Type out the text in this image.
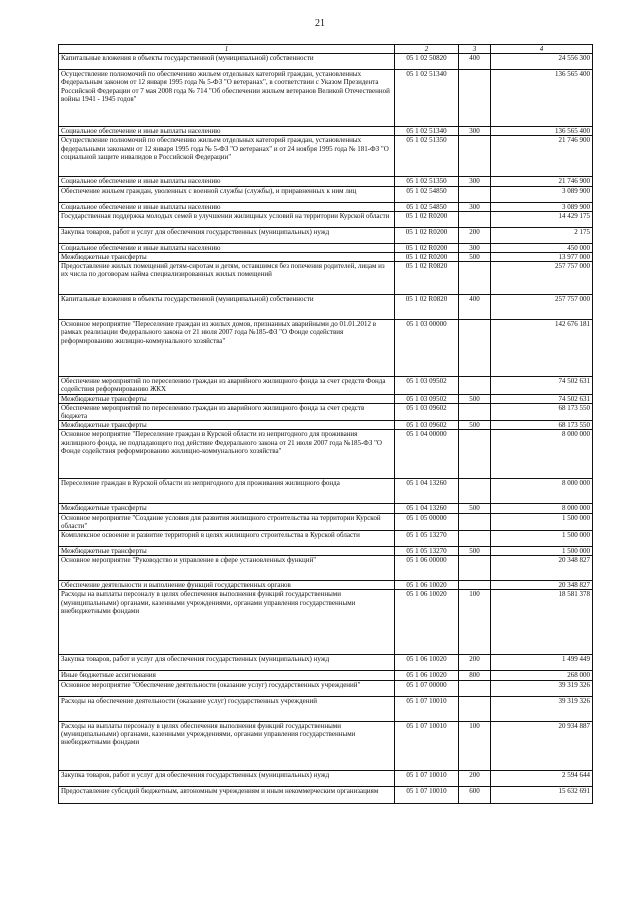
21
1	2	3	4
Капитальные вложения в объекты государственной (муниципальной) собственности	05 1 02 50820	400	24 556 300
Осуществление полномочий по обеспечению жильем отдельных категорий граждан, установленных Федеральным законом от 12 января 1995 года № 5-ФЗ "О ветеранах", в соответствии с Указом Президента Российской Федерации от 7 мая 2008 года № 714 "Об обеспечении жильем ветеранов Великой Отечественной войны 1941 - 1945 годов"	05 1 02 51340		136 565 400
Социальное обеспечение и иные выплаты населению	05 1 02 51340	300	136 565 400
Осуществление полномочий по обеспечению жильем отдельных категорий граждан, установленных федеральными законами от 12 января 1995 года № 5-ФЗ "О ветеранах" и от 24 ноября 1995 года № 181-ФЗ "О социальной защите инвалидов в Российской Федерации"	05 1 02 51350		21 746 900
Социальное обеспечение и иные выплаты населению	05 1 02 51350	300	21 746 900
Обеспечение жильем граждан, уволенных с военной службы (службы), и приравненных к ним лиц	05 1 02 54850		3 089 900
Социальное обеспечение и иные выплаты населению	05 1 02 54850	300	3 089 900
Государственная поддержка молодых семей в улучшении жилищных условий на территории Курской области	05 1 02 R0200		14 429 175
Закупка товаров, работ и услуг для обеспечения государственных (муниципальных) нужд	05 1 02 R0200	200	2 175
Социальное обеспечение и иные выплаты населению	05 1 02 R0200	300	450 000
Межбюджетные трансферты	05 1 02 R0200	500	13 977 000
Предоставление жилых помещений детям-сиротам и детям, оставшимся без попечения родителей, лицам из их числа по договорам найма специализированных жилых помещений	05 1 02 R0820		257 757 000
Капитальные вложения в объекты государственной (муниципальной) собственности	05 1 02 R0820	400	257 757 000
Основное мероприятие "Переселение граждан из жилых домов, признанных аварийными до 01.01.2012 в рамках реализации Федерального закона от 21 июля 2007 года №185-ФЗ "О Фонде содействия реформированию жилищно-коммунального хозяйства"	05 1 03 00000		142 676 181
Обеспечение мероприятий по переселению граждан из аварийного жилищного фонда за счет средств Фонда содействия реформированию ЖКХ	05 1 03 09502		74 502 631
Межбюджетные трансферты	05 1 03 09502	500	74 502 631
Обеспечение мероприятий по переселению граждан из аварийного жилищного фонда за счет средств бюджета	05 1 03 09602		68 173 550
Межбюджетные трансферты	05 1 03 09602	500	68 173 550
Основное мероприятие "Переселение граждан в Курской области из непригодного для проживания жилищного фонда, не подпадающего под действие Федерального закона от 21 июля 2007 года №185-ФЗ "О Фонде содействия реформированию жилищно-коммунального хозяйства"	05 1 04 00000		8 000 000
Переселение граждан в Курской области из непригодного для проживания жилищного фонда	05 1 04 13260		8 000 000
Межбюджетные трансферты	05 1 04 13260	500	8 000 000
Основное мероприятие "Создание условия для развития жилищного строительства на территории Курской области"	05 1 05 00000		1 500 000
Комплексное освоение и развитие территорий в целях жилищного строительства в Курской области	05 1 05 13270		1 500 000
Межбюджетные трансферты	05 1 05 13270	500	1 500 000
Основное мероприятие "Руководство и управление в сфере установленных функций"	05 1 06 00000		20 348 827
Обеспечение деятельности и выполнение функций государственных органов	05 1 06 10020		20 348 827
Расходы на выплаты персоналу в целях обеспечения выполнения функций государственными (муниципальными) органами, казенными учреждениями, органами управления государственными внебюджетными фондами	05 1 06 10020	100	18 581 378
Закупка товаров, работ и услуг для обеспечения государственных (муниципальных) нужд	05 1 06 10020	200	1 499 449
Иные бюджетные ассигнования	05 1 06 10020	800	268 000
Основное мероприятие "Обеспечение деятельности (оказание услуг) государственных учреждений"	05 1 07 00000		39 319 326
Расходы на обеспечение деятельности (оказание услуг) государственных учреждений	05 1 07 10010		39 319 326
Расходы на выплаты персоналу в целях обеспечения выполнения функций государственными (муниципальными) органами, казенными учреждениями, органами управления государственными внебюджетными фондами	05 1 07 10010	100	20 934 887
Закупка товаров, работ и услуг для обеспечения государственных (муниципальных) нужд	05 1 07 10010	200	2 594 644
Предоставление субсидий бюджетным, автономным учреждениям и иным некоммерческим организациям	05 1 07 10010	600	15 632 691
